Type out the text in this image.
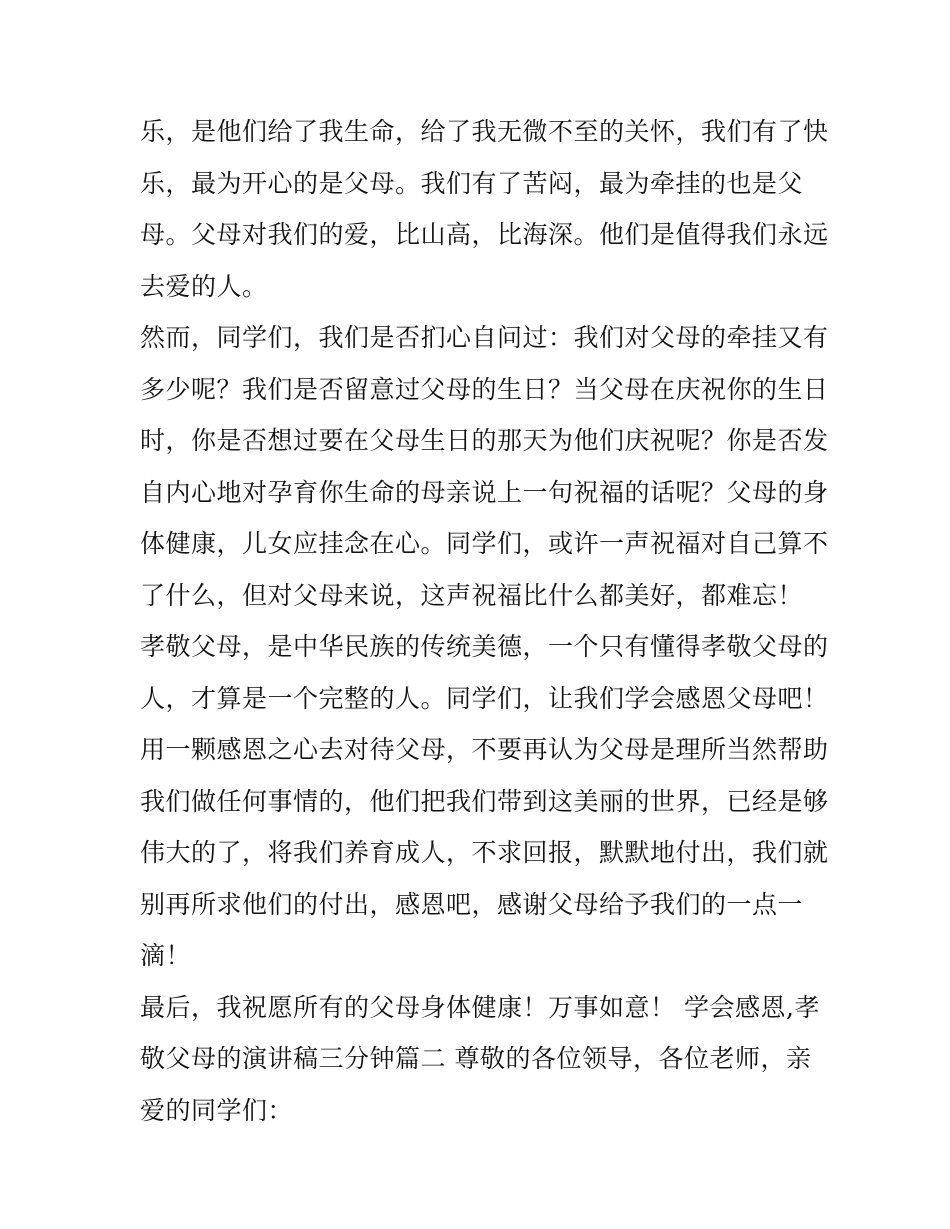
乐，是他们给了我生命，给了我无微不至的关怀，我们有了快
乐，最为开心的是父母。我们有了苦闷，最为牵挂的也是父
母。父母对我们的爱，比山高，比海深。他们是值得我们永远
去爱的人。
然而，同学们，我们是否扪心自问过：我们对父母的牵挂又有
多少呢？我们是否留意过父母的生日？当父母在庆祝你的生日
时，你是否想过要在父母生日的那天为他们庆祝呢？你是否发
自内心地对孕育你生命的母亲说上一句祝福的话呢？父母的身
体健康，儿女应挂念在心。同学们，或许一声祝福对自己算不
了什么，但对父母来说，这声祝福比什么都美好，都难忘！
孝敬父母，是中华民族的传统美德，一个只有懂得孝敬父母的
人，才算是一个完整的人。同学们，让我们学会感恩父母吧！
用一颗感恩之心去对待父母，不要再认为父母是理所当然帮助
我们做任何事情的，他们把我们带到这美丽的世界，已经是够
伟大的了，将我们养育成人，不求回报，默默地付出，我们就
别再所求他们的付出，感恩吧，感谢父母给予我们的一点一
滴！
最后，我祝愿所有的父母身体健康！万事如意！ 学会感恩,孝
敬父母的演讲稿三分钟篇二 尊敬的各位领导，各位老师，亲
爱的同学们：
